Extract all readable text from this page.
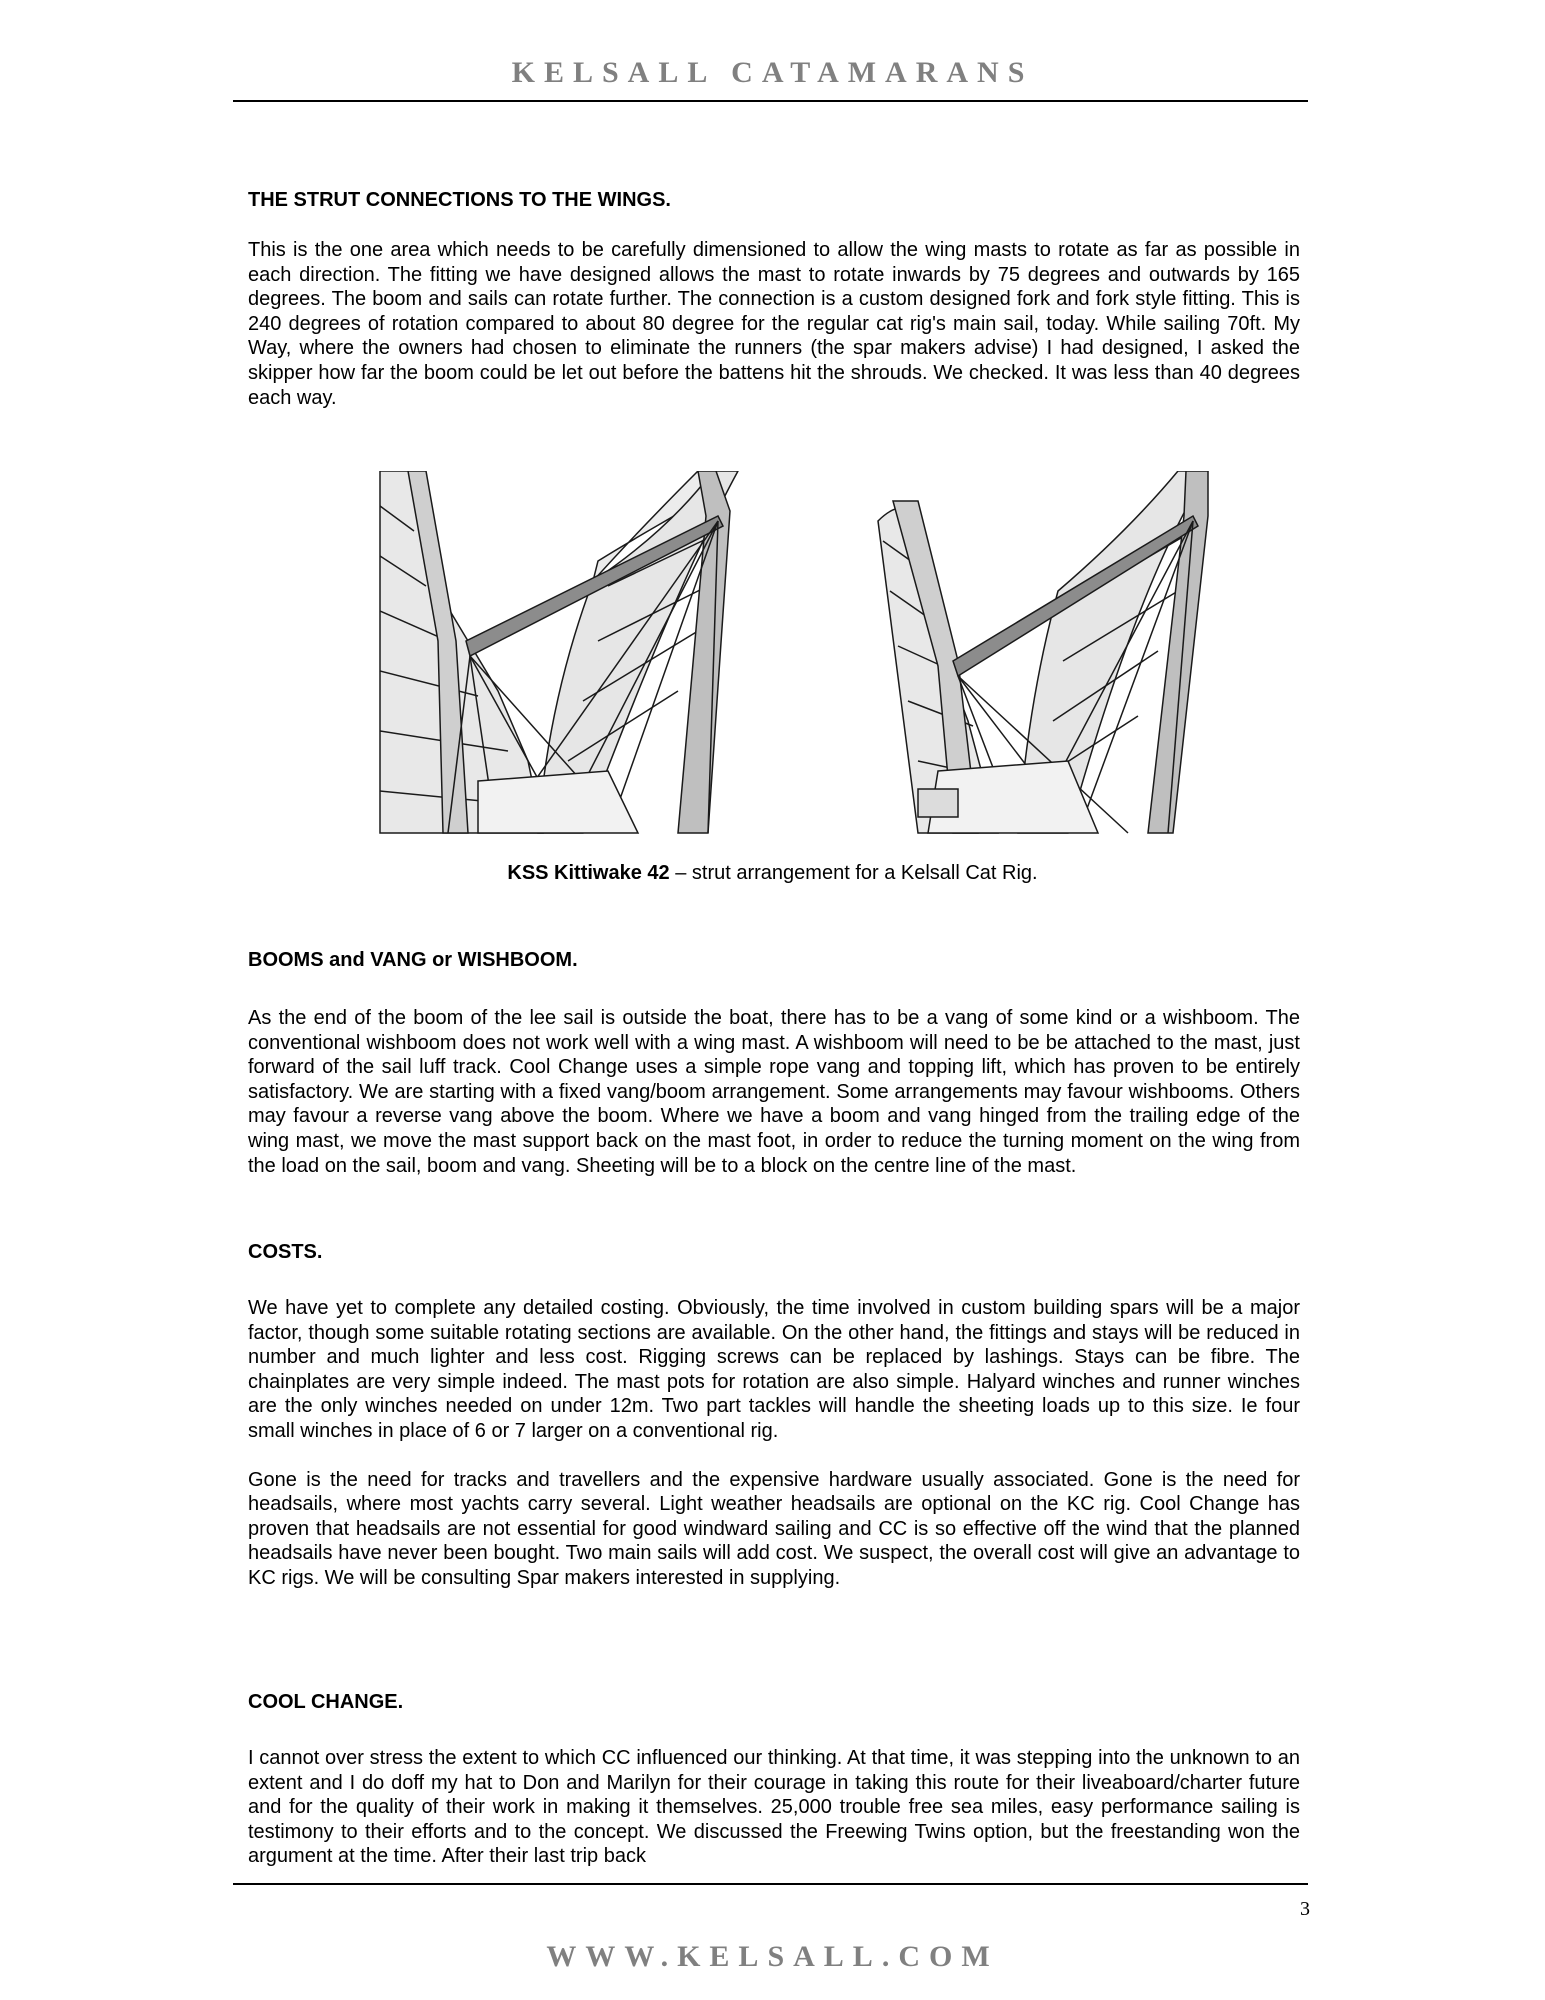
KELSALL CATAMARANS

THE STRUT CONNECTIONS TO THE WINGS.

This is the one area which needs to be carefully dimensioned to allow the wing masts to rotate as far as possible in each direction. The fitting we have designed allows the mast to rotate inwards by 75 degrees and outwards by 165 degrees. The boom and sails can rotate further. The connection is a custom designed fork and fork style fitting. This is 240 degrees of rotation compared to about 80 degree for the regular cat rig's main sail, today. While sailing 70ft. My Way, where the owners had chosen to eliminate the runners (the spar makers advise) I had designed, I asked the skipper how far the boom could be let out before the battens hit the shrouds. We checked. It was less than 40 degrees each way.

KSS Kittiwake 42 – strut arrangement for a Kelsall Cat Rig.

BOOMS and VANG or WISHBOOM.

As the end of the boom of the lee sail is outside the boat, there has to be a vang of some kind or a wishboom. The conventional wishboom does not work well with a wing mast. A wishboom will need to be be attached to the mast, just forward of the sail luff track. Cool Change uses a simple rope vang and topping lift, which has proven to be entirely satisfactory. We are starting with a fixed vang/boom arrangement. Some arrangements may favour wishbooms. Others may favour a reverse vang above the boom. Where we have a boom and vang hinged from the trailing edge of the wing mast, we move the mast support back on the mast foot, in order to reduce the turning moment on the wing from the load on the sail, boom and vang. Sheeting will be to a block on the centre line of the mast.

COSTS.

We have yet to complete any detailed costing. Obviously, the time involved in custom building spars will be a major factor, though some suitable rotating sections are available. On the other hand, the fittings and stays will be reduced in number and much lighter and less cost. Rigging screws can be replaced by lashings. Stays can be fibre. The chainplates are very simple indeed. The mast pots for rotation are also simple. Halyard winches and runner winches are the only winches needed on under 12m. Two part tackles will handle the sheeting loads up to this size. Ie four small winches in place of 6 or 7 larger on a conventional rig.

Gone is the need for tracks and travellers and the expensive hardware usually associated. Gone is the need for headsails, where most yachts carry several. Light weather headsails are optional on the KC rig. Cool Change has proven that headsails are not essential for good windward sailing and CC is so effective off the wind that the planned headsails have never been bought. Two main sails will add cost. We suspect, the overall cost will give an advantage to KC rigs. We will be consulting Spar makers interested in supplying.

COOL CHANGE.

I cannot over stress the extent to which CC influenced our thinking. At that time, it was stepping into the unknown to an extent and I do doff my hat to Don and Marilyn for their courage in taking this route for their liveaboard/charter future and for the quality of their work in making it themselves. 25,000 trouble free sea miles, easy performance sailing is testimony to their efforts and to the concept. We discussed the Freewing Twins option, but the freestanding won the argument at the time. After their last trip back

3
WWW.KELSALL.COM
